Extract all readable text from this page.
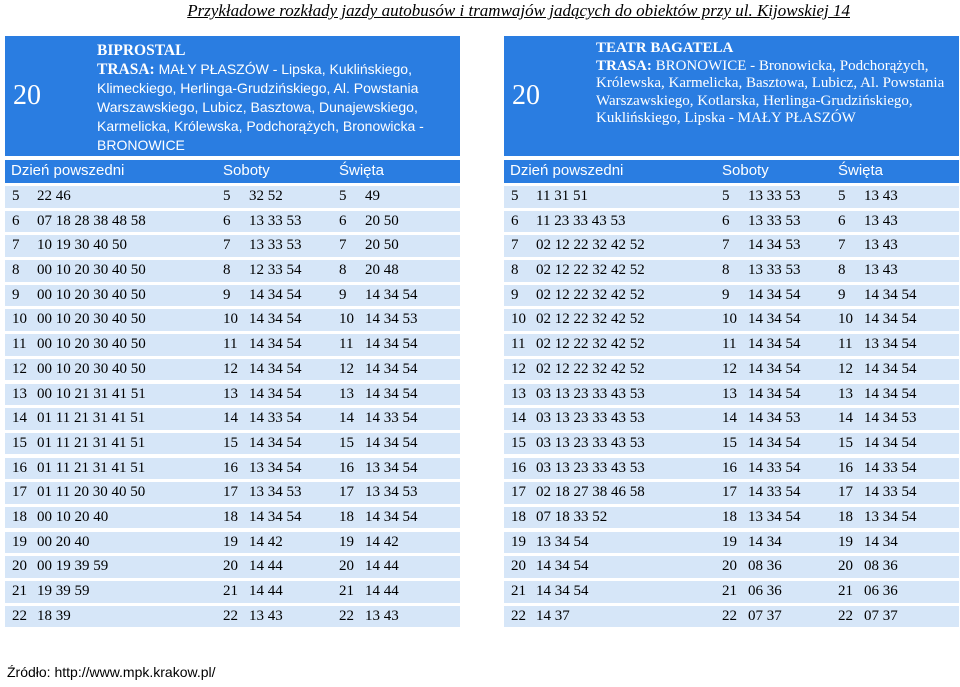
Przykładowe rozkłady jazdy autobusów i tramwajów jadących do obiektów przy ul. Kijowskiej 14
20
BIPROSTAL
TRASA: MAŁY PŁASZÓW - Lipska, Kuklińskiego, Klimeckiego, Herlinga-Grudzińskiego, Al. Powstania Warszawskiego, Lubicz, Basztowa, Dunajewskiego, Karmelicka, Królewska, Podchorążych, Bronowicka - BRONOWICE
Dzień powszedni	Soboty	Święta
5 22 46	5 32 52	5 49
6 07 18 28 38 48 58	6 13 33 53	6 20 50
7 10 19 30 40 50	7 13 33 53	7 20 50
8 00 10 20 30 40 50	8 12 33 54	8 20 48
9 00 10 20 30 40 50	9 14 34 54	9 14 34 54
10 00 10 20 30 40 50	10 14 34 54	10 14 34 53
11 00 10 20 30 40 50	11 14 34 54	11 14 34 54
12 00 10 20 30 40 50	12 14 34 54	12 14 34 54
13 00 10 21 31 41 51	13 14 34 54	13 14 34 54
14 01 11 21 31 41 51	14 14 33 54	14 14 33 54
15 01 11 21 31 41 51	15 14 34 54	15 14 34 54
16 01 11 21 31 41 51	16 13 34 54	16 13 34 54
17 01 11 20 30 40 50	17 13 34 53	17 13 34 53
18 00 10 20 40	18 14 34 54	18 14 34 54
19 00 20 40	19 14 42	19 14 42
20 00 19 39 59	20 14 44	20 14 44
21 19 39 59	21 14 44	21 14 44
22 18 39	22 13 43	22 13 43
20
TEATR BAGATELA
TRASA: BRONOWICE - Bronowicka, Podchorążych, Królewska, Karmelicka, Basztowa, Lubicz, Al. Powstania Warszawskiego, Kotlarska, Herlinga-Grudzińskiego, Kuklińskiego, Lipska - MAŁY PŁASZÓW
Dzień powszedni	Soboty	Święta
5 11 31 51	5 13 33 53	5 13 43
6 11 23 33 43 53	6 13 33 53	6 13 43
7 02 12 22 32 42 52	7 14 34 53	7 13 43
8 02 12 22 32 42 52	8 13 33 53	8 13 43
9 02 12 22 32 42 52	9 14 34 54	9 14 34 54
10 02 12 22 32 42 52	10 14 34 54	10 14 34 54
11 02 12 22 32 42 52	11 14 34 54	11 13 34 54
12 02 12 22 32 42 52	12 14 34 54	12 14 34 54
13 03 13 23 33 43 53	13 14 34 54	13 14 34 54
14 03 13 23 33 43 53	14 14 34 53	14 14 34 53
15 03 13 23 33 43 53	15 14 34 54	15 14 34 54
16 03 13 23 33 43 53	16 14 33 54	16 14 33 54
17 02 18 27 38 46 58	17 14 33 54	17 14 33 54
18 07 18 33 52	18 13 34 54	18 13 34 54
19 13 34 54	19 14 34	19 14 34
20 14 34 54	20 08 36	20 08 36
21 14 34 54	21 06 36	21 06 36
22 14 37	22 07 37	22 07 37
Źródło: http://www.mpk.krakow.pl/
